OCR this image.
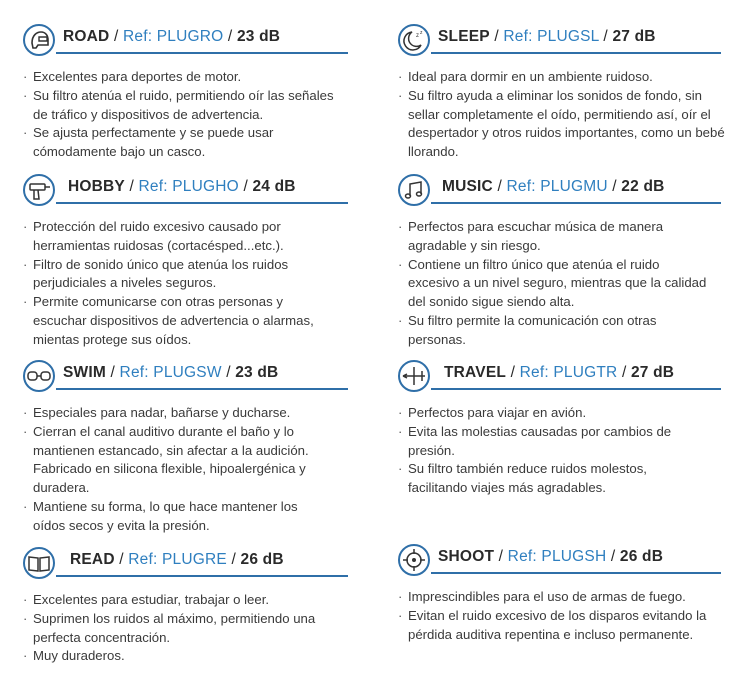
ROAD / Ref: PLUGRO / 23 dB
· Excelentes para deportes de motor.
· Su filtro atenúa el ruido, permitiendo oír las señales de tráfico y dispositivos de advertencia.
· Se ajusta perfectamente y se puede usar cómodamente bajo un casco.
z z SLEEP / Ref: PLUGSL / 27 dB
· Ideal para dormir en un ambiente ruidoso.
· Su filtro ayuda a eliminar los sonidos de fondo, sin sellar completamente el oído, permitiendo así, oír el despertador y otros ruidos importantes, como un bebé llorando.
HOBBY / Ref: PLUGHO / 24 dB
· Protección del ruido excesivo causado por herramientas ruidosas (cortacésped...etc.).
· Filtro de sonido único que atenúa los ruidos perjudiciales a niveles seguros.
· Permite comunicarse con otras personas y escuchar dispositivos de advertencia o alarmas, mientas protege sus oídos.
MUSIC / Ref: PLUGMU / 22 dB
· Perfectos para escuchar música de manera agradable y sin riesgo.
· Contiene un filtro único que atenúa el ruido excesivo a un nivel seguro, mientras que la calidad del sonido sigue siendo alta.
· Su filtro permite la comunicación con otras personas.
SWIM / Ref: PLUGSW / 23 dB
· Especiales para nadar, bañarse y ducharse.
· Cierran el canal auditivo durante el baño y lo mantienen estancado, sin afectar a la audición. Fabricado en silicona flexible, hipoalergénica y duradera.
· Mantiene su forma, lo que hace mantener los oídos secos y evita la presión.
TRAVEL / Ref: PLUGTR / 27 dB
· Perfectos para viajar en avión.
· Evita las molestias causadas por cambios de presión.
· Su filtro también reduce ruidos molestos, facilitando viajes más agradables.
READ / Ref: PLUGRE / 26 dB
· Excelentes para estudiar, trabajar o leer.
· Suprimen los ruidos al máximo, permitiendo una perfecta concentración.
· Muy duraderos.
SHOOT / Ref: PLUGSH / 26 dB
· Imprescindibles para el uso de armas de fuego.
· Evitan el ruido excesivo de los disparos evitando la pérdida auditiva repentina e incluso permanente.
